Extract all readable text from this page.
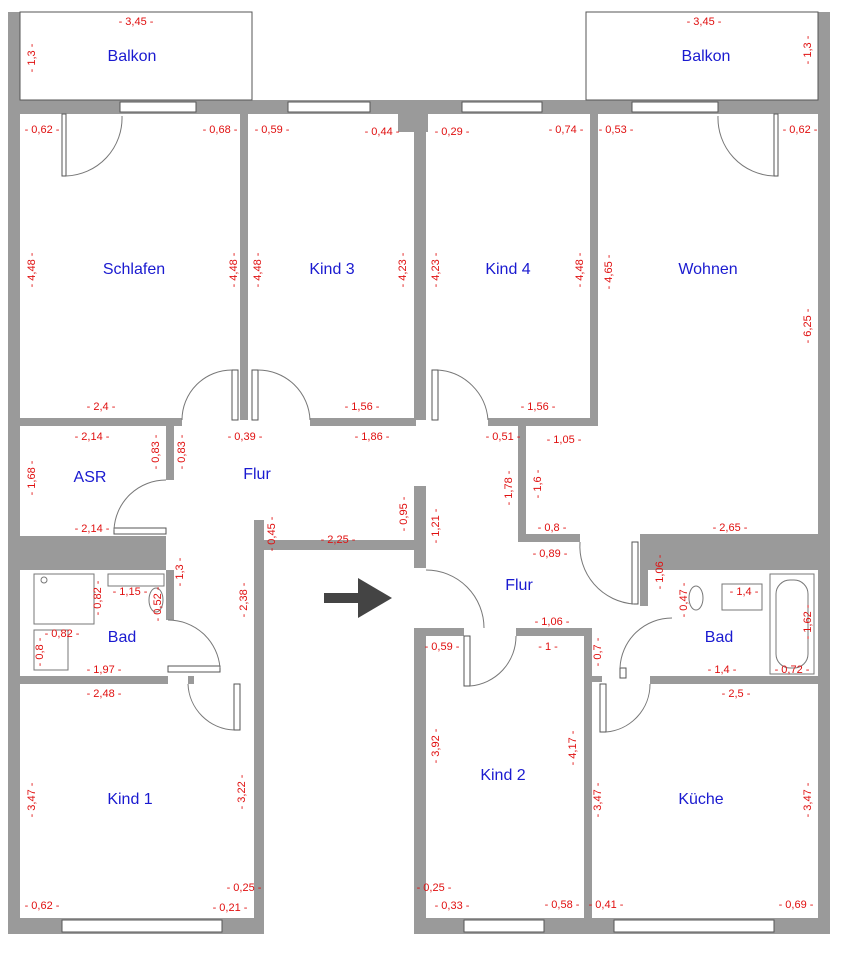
Balkon	Balkon
Schlafen	Kind 3	Kind 4	Wohnen
ASR	Flur
Flur
Bad	Bad
Kind 1
Kind 2
Küche
- 3,45 -	- 3,45 -
- 1,3 -	- 1,3 -
- 0,62 -	- 0,68 - - 0,59 -	- 0,44 -	- 0,29 -	- 0,74 - - 0,53 -	- 0,62 -
- 4,48 -	- 4,48 - - 4,48 -	- 4,23 - - 4,23 -	- 4,48 - - 4,65 -
- 6,25 -
- 2,4 -	- 1,56 -	- 1,56 -
- 2,14 -	- 0,83 - - 0,83 -	- 0,39 -	- 1,86 -	- 0,51 - - 1,05 -
- 1,68 -	- 1,78 - - 1,6 -
- 2,14 -	- 0,95 - - 1,21 -	- 0,8 -	- 2,65 -
- 0,45 -	- 2,25 -
- 0,89 -
- 1,3 -
- 0,82 - - 1,15 - - 0,52 -	- 2,38 -
- 1,06 -
- 0,47 -	- 1,4 -
- 1,62 -
- 0,82 -
- 0,8 -
- 1,06 -
- 0,59 -	- 1 -	- 0,7 -
- 1,97 -	- 1,4 -	- 0,72 -
- 2,48 -	- 2,5 -
- 3,47 -	- 3,22 -
- 3,92 -	- 4,17 -
- 3,47 -	- 3,47 -
- 0,25 -	- 0,25 -
- 0,62 -	- 0,21 -	- 0,33 -	- 0,58 - - 0,41 -	- 0,69 -
